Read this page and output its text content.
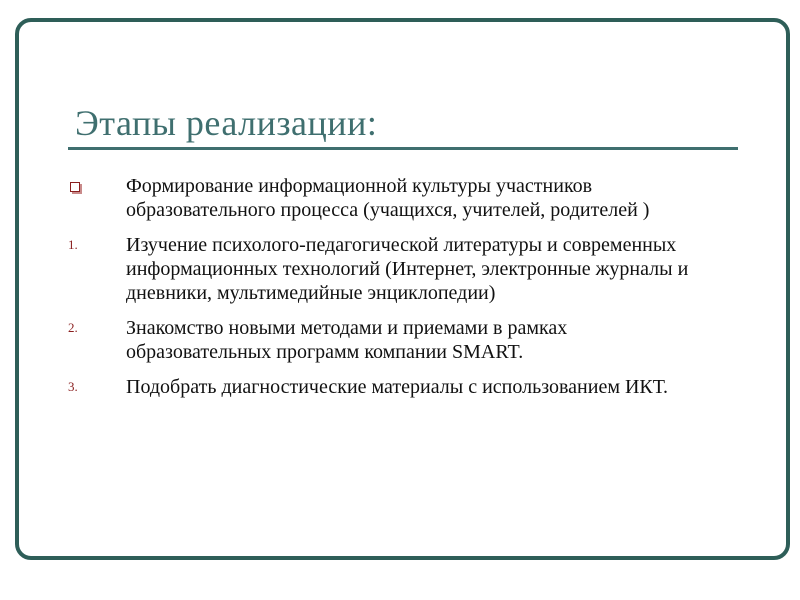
Этапы реализации:
Формирование информационной культуры участников образовательного процесса (учащихся, учителей, родителей )
1. Изучение психолого-педагогической литературы и современных информационных технологий (Интернет, электронные журналы и дневники, мультимедийные энциклопедии)
2. Знакомство новыми методами и приемами в рамках образовательных программ компании SMART.
3. Подобрать диагностические материалы с использованием ИКТ.
